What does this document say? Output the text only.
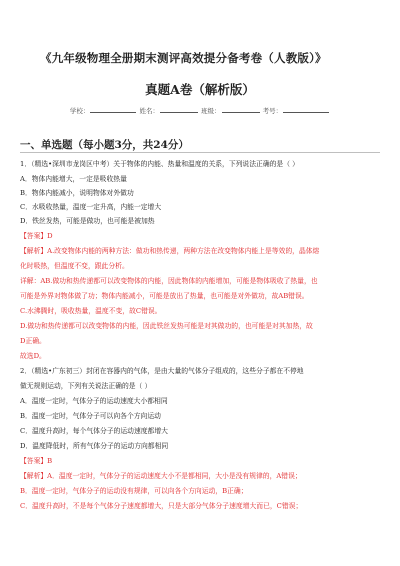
《九年级物理全册期末测评高效提分备考卷（人教版）》
真题A卷（解析版）
学校：	姓名：	班级：	考号：
一、单选题（每小题3分，共24分）
1．（精选•深圳市龙岗区中考）关于物体的内能、热量和温度的关系，下列说法正确的是（ ）
A．物体内能增大，一定是吸收热量
B．物体内能减小，说明物体对外做功
C．水吸收热量，温度一定升高，内能一定增大
D．铁丝发热，可能是做功，也可能是被加热
【答案】D
【解析】A.改变物体内能的两种方法：做功和热传递，两种方法在改变物体内能上是等效的，晶体熔
化时吸热，但温度不变，跟此分析。
详解：AB.做功和热传递都可以改变物体的内能，因此物体的内能增加，可能是物体吸收了热量，也
可能是外界对物体做了功；物体内能减小，可能是放出了热量，也可能是对外做功，故AB错误。
C.水沸腾时，吸收热量，温度不变，故C错误。
D.做功和热传递都可以改变物体的内能，因此铁丝发热可能是对其做功的，也可能是对其加热，故
D正确。
故选D。
2．（精选•广东初三）封闭在容器内的气体，是由大量的气体分子组成的，这些分子都在不停地
做无规则运动，下列有关说法正确的是（ ）
A．温度一定时，气体分子的运动速度大小都相同
B．温度一定时，气体分子可以向各个方向运动
C．温度升高时，每个气体分子的运动速度都增大
D．温度降低时，所有气体分子的运动方向都相同
【答案】B
【解析】A．温度一定时，气体分子的运动速度大小不是都相同，大小是没有规律的，A错误；
B．温度一定时，气体分子的运动没有规律，可以向各个方向运动，B正确；
C．温度升高时，不是每个气体分子速度都增大，只是大部分气体分子速度增大而已，C错误；
